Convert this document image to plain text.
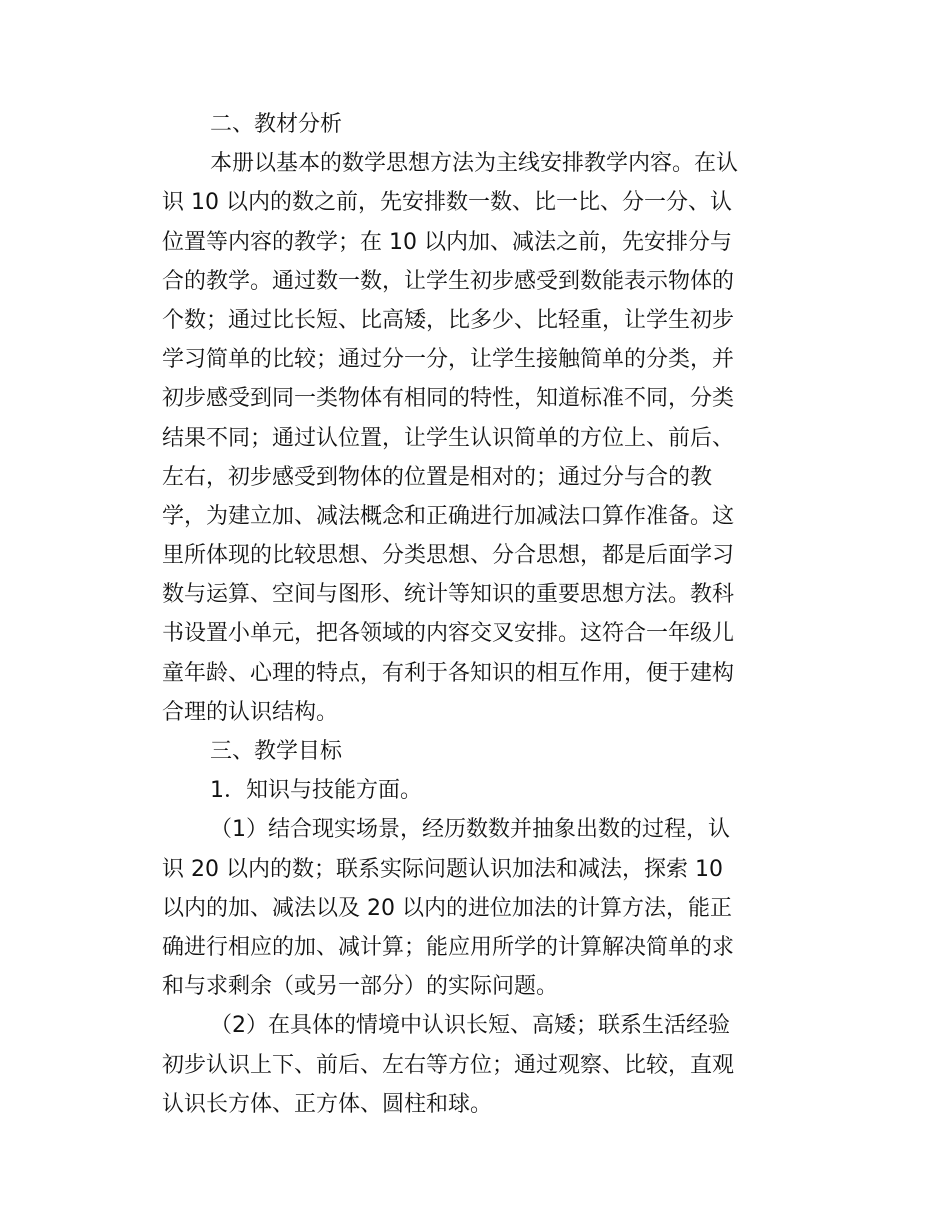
二、教材分析
本册以基本的数学思想方法为主线安排教学内容。在认
识 10 以内的数之前，先安排数一数、比一比、分一分、认
位置等内容的教学；在 10 以内加、减法之前，先安排分与
合的教学。通过数一数，让学生初步感受到数能表示物体的
个数；通过比长短、比高矮，比多少、比轻重，让学生初步
学习简单的比较；通过分一分，让学生接触简单的分类，并
初步感受到同一类物体有相同的特性，知道标准不同，分类
结果不同；通过认位置，让学生认识简单的方位上、前后、
左右，初步感受到物体的位置是相对的；通过分与合的教
学，为建立加、减法概念和正确进行加减法口算作准备。这
里所体现的比较思想、分类思想、分合思想，都是后面学习
数与运算、空间与图形、统计等知识的重要思想方法。教科
书设置小单元，把各领域的内容交叉安排。这符合一年级儿
童年龄、心理的特点，有利于各知识的相互作用，便于建构
合理的认识结构。
三、教学目标
1．知识与技能方面。
（1）结合现实场景，经历数数并抽象出数的过程，认
识 20 以内的数；联系实际问题认识加法和减法，探索 10
以内的加、减法以及 20 以内的进位加法的计算方法，能正
确进行相应的加、减计算；能应用所学的计算解决简单的求
和与求剩余（或另一部分）的实际问题。
（2）在具体的情境中认识长短、高矮；联系生活经验
初步认识上下、前后、左右等方位；通过观察、比较，直观
认识长方体、正方体、圆柱和球。
